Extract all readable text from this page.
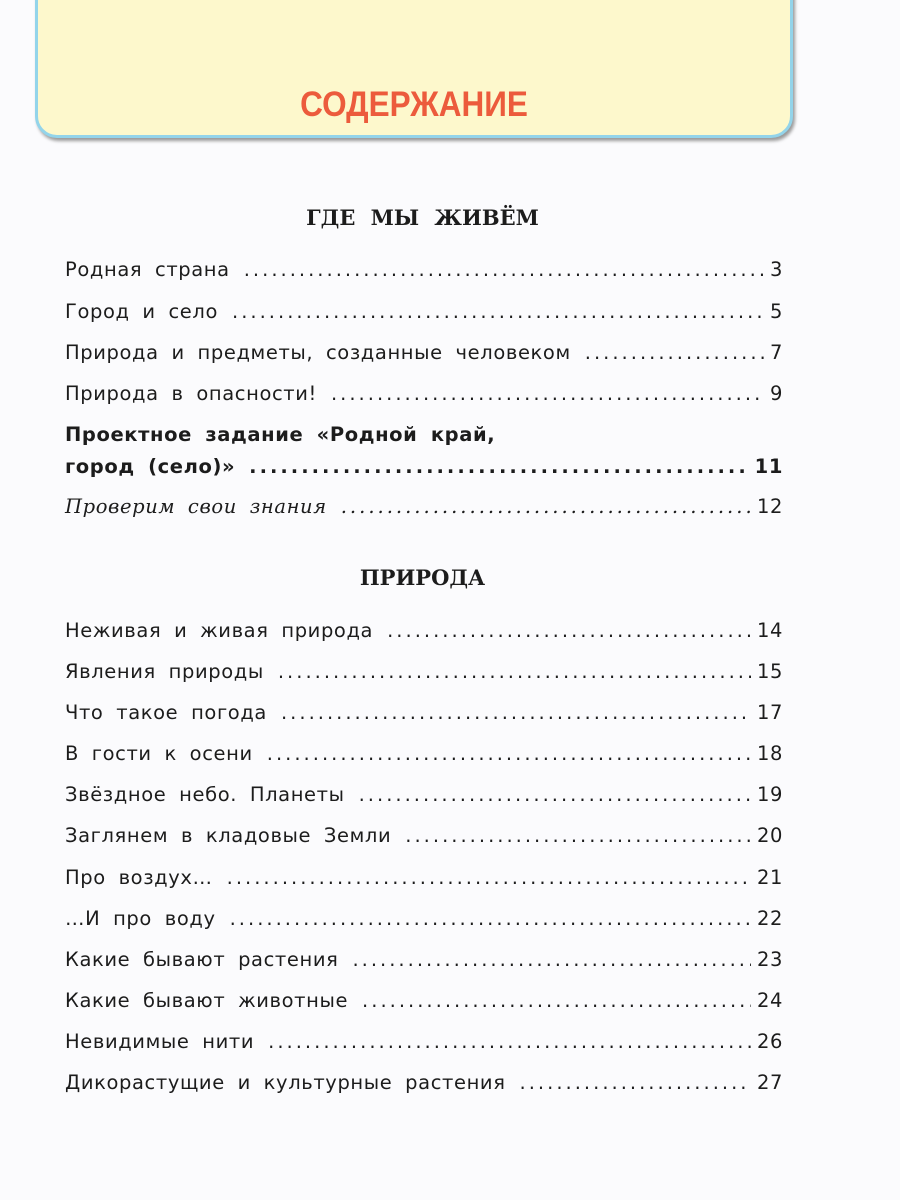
СОДЕРЖАНИЕ
ГДЕ МЫ ЖИВЁМ
Родная страна .....	3
Город и село .....	5
Природа и предметы, созданные человеком .....	7
Природа в опасности! .....	9
Проектное задание «Родной край,
город (село)» .....	11
Проверим свои знания .....	12
ПРИРОДА
Неживая и живая природа .....	14
Явления природы .....	15
Что такое погода .....	17
В гости к осени .....	18
Звёздное небо. Планеты .....	19
Заглянем в кладовые Земли .....	20
Про воздух… .....	21
…И про воду .....	22
Какие бывают растения .....	23
Какие бывают животные .....	24
Невидимые нити .....	26
Дикорастущие и культурные растения .....	27
